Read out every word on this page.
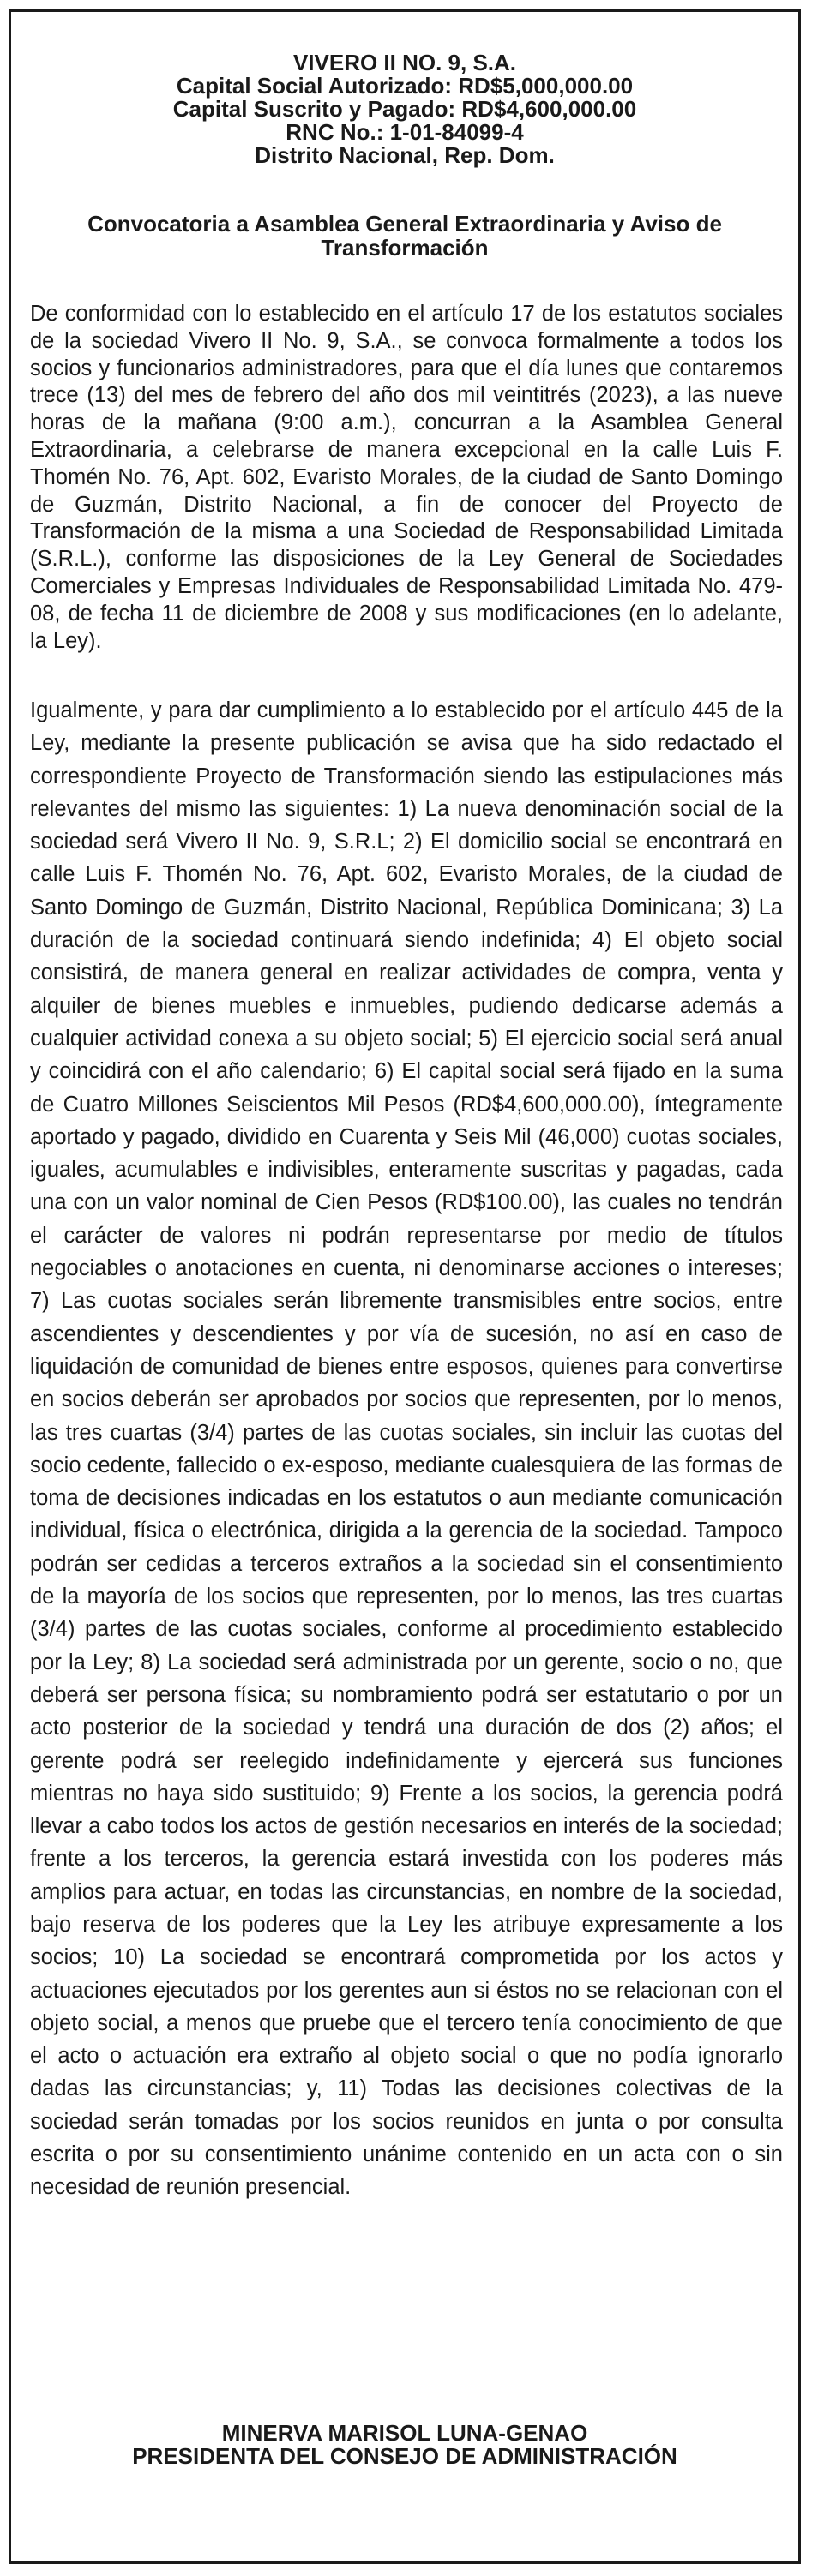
VIVERO II NO. 9, S.A.
Capital Social Autorizado: RD$5,000,000.00
Capital Suscrito y Pagado: RD$4,600,000.00
RNC No.: 1-01-84099-4
Distrito Nacional, Rep. Dom.
Convocatoria a Asamblea General Extraordinaria y Aviso de Transformación

De conformidad con lo establecido en el artículo 17 de los estatutos sociales de la sociedad Vivero II No. 9, S.A., se convoca formalmente a todos los socios y funcionarios administradores, para que el día lunes que contaremos trece (13) del mes de febrero del año dos mil veintitrés (2023), a las nueve horas de la mañana (9:00 a.m.), concurran a la Asamblea General Extraordinaria, a celebrarse de manera excepcional en la calle Luis F. Thomén No. 76, Apt. 602, Evaristo Morales, de la ciudad de Santo Domingo de Guzmán, Distrito Nacional, a fin de conocer del Proyecto de Transformación de la misma a una Sociedad de Responsabilidad Limitada (S.R.L.), conforme las disposiciones de la Ley General de Sociedades Comerciales y Empresas Individuales de Responsabilidad Limitada No. 479-08, de fecha 11 de diciembre de 2008 y sus modificaciones (en lo adelante, la Ley).

Igualmente, y para dar cumplimiento a lo establecido por el artículo 445 de la Ley, mediante la presente publicación se avisa que ha sido redactado el correspondiente Proyecto de Transformación siendo las estipulaciones más relevantes del mismo las siguientes: 1) La nueva denominación social de la sociedad será Vivero II No. 9, S.R.L; 2) El domicilio social se encontrará en calle Luis F. Thomén No. 76, Apt. 602, Evaristo Morales, de la ciudad de Santo Domingo de Guzmán, Distrito Nacional, República Dominicana; 3) La duración de la sociedad continuará siendo indefinida; 4) El objeto social consistirá, de manera general en realizar actividades de compra, venta y alquiler de bienes muebles e inmuebles, pudiendo dedicarse además a cualquier actividad conexa a su objeto social; 5) El ejercicio social será anual y coincidirá con el año calendario; 6) El capital social será fijado en la suma de Cuatro Millones Seiscientos Mil Pesos (RD$4,600,000.00), íntegramente aportado y pagado, dividido en Cuarenta y Seis Mil (46,000) cuotas sociales, iguales, acumulables e indivisibles, enteramente suscritas y pagadas, cada una con un valor nominal de Cien Pesos (RD$100.00), las cuales no tendrán el carácter de valores ni podrán representarse por medio de títulos negociables o anotaciones en cuenta, ni denominarse acciones o intereses; 7) Las cuotas sociales serán libremente transmisibles entre socios, entre ascendientes y descendientes y por vía de sucesión, no así en caso de liquidación de comunidad de bienes entre esposos, quienes para convertirse en socios deberán ser aprobados por socios que representen, por lo menos, las tres cuartas (3/4) partes de las cuotas sociales, sin incluir las cuotas del socio cedente, fallecido o ex-esposo, mediante cualesquiera de las formas de toma de decisiones indicadas en los estatutos o aun mediante comunicación individual, física o electrónica, dirigida a la gerencia de la sociedad. Tampoco podrán ser cedidas a terceros extraños a la sociedad sin el consentimiento de la mayoría de los socios que representen, por lo menos, las tres cuartas (3/4) partes de las cuotas sociales, conforme al procedimiento establecido por la Ley; 8) La sociedad será administrada por un gerente, socio o no, que deberá ser persona física; su nombramiento podrá ser estatutario o por un acto posterior de la sociedad y tendrá una duración de dos (2) años; el gerente podrá ser reelegido indefinidamente y ejercerá sus funciones mientras no haya sido sustituido; 9) Frente a los socios, la gerencia podrá llevar a cabo todos los actos de gestión necesarios en interés de la sociedad; frente a los terceros, la gerencia estará investida con los poderes más amplios para actuar, en todas las circunstancias, en nombre de la sociedad, bajo reserva de los poderes que la Ley les atribuye expresamente a los socios; 10) La sociedad se encontrará comprometida por los actos y actuaciones ejecutados por los gerentes aun si éstos no se relacionan con el objeto social, a menos que pruebe que el tercero tenía conocimiento de que el acto o actuación era extraño al objeto social o que no podía ignorarlo dadas las circunstancias; y, 11) Todas las decisiones colectivas de la sociedad serán tomadas por los socios reunidos en junta o por consulta escrita o por su consentimiento unánime contenido en un acta con o sin necesidad de reunión presencial.

MINERVA MARISOL LUNA-GENAO
PRESIDENTA DEL CONSEJO DE ADMINISTRACIÓN
